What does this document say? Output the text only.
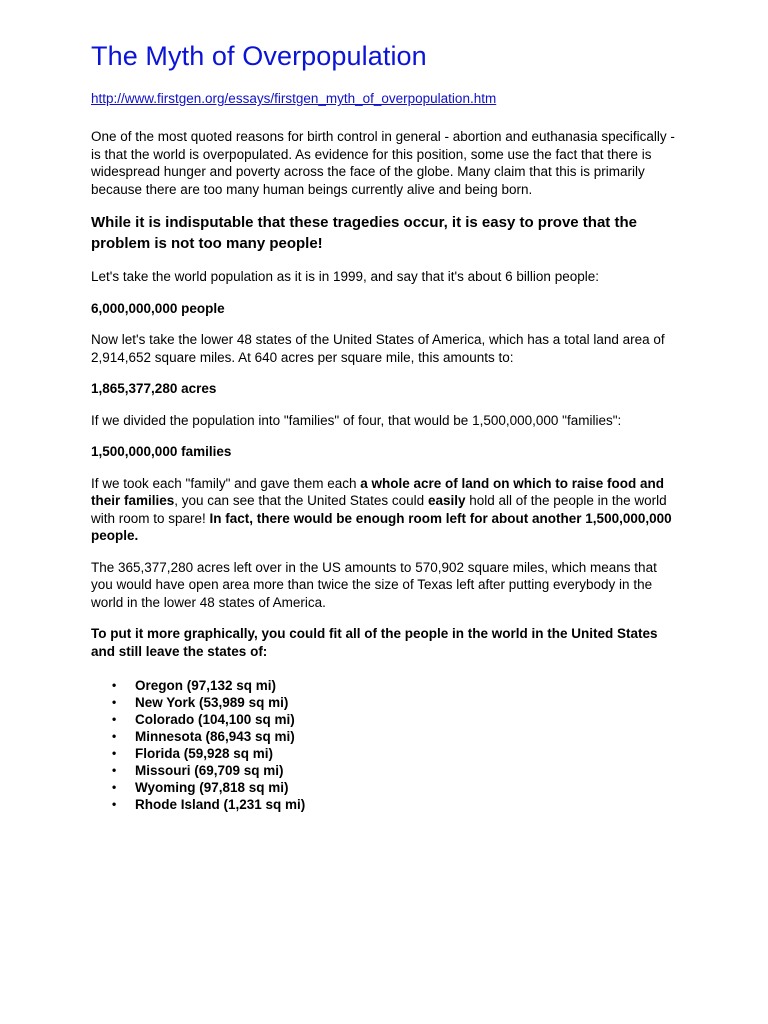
The Myth of Overpopulation
http://www.firstgen.org/essays/firstgen_myth_of_overpopulation.htm

One of the most quoted reasons for birth control in general - abortion and euthanasia specifically - is that the world is overpopulated. As evidence for this position, some use the fact that there is widespread hunger and poverty across the face of the globe. Many claim that this is primarily because there are too many human beings currently alive and being born.

While it is indisputable that these tragedies occur, it is easy to prove that the problem is not too many people!

Let's take the world population as it is in 1999, and say that it's about 6 billion people:

6,000,000,000 people

Now let's take the lower 48 states of the United States of America, which has a total land area of 2,914,652 square miles. At 640 acres per square mile, this amounts to:

1,865,377,280 acres

If we divided the population into "families" of four, that would be 1,500,000,000 "families":

1,500,000,000 families

If we took each "family" and gave them each a whole acre of land on which to raise food and their families, you can see that the United States could easily hold all of the people in the world with room to spare! In fact, there would be enough room left for about another 1,500,000,000 people.

The 365,377,280 acres left over in the US amounts to 570,902 square miles, which means that you would have open area more than twice the size of Texas left after putting everybody in the world in the lower 48 states of America.

To put it more graphically, you could fit all of the people in the world in the United States and still leave the states of:

• Oregon (97,132 sq mi)
• New York (53,989 sq mi)
• Colorado (104,100 sq mi)
• Minnesota (86,943 sq mi)
• Florida (59,928 sq mi)
• Missouri (69,709 sq mi)
• Wyoming (97,818 sq mi)
• Rhode Island (1,231 sq mi)
